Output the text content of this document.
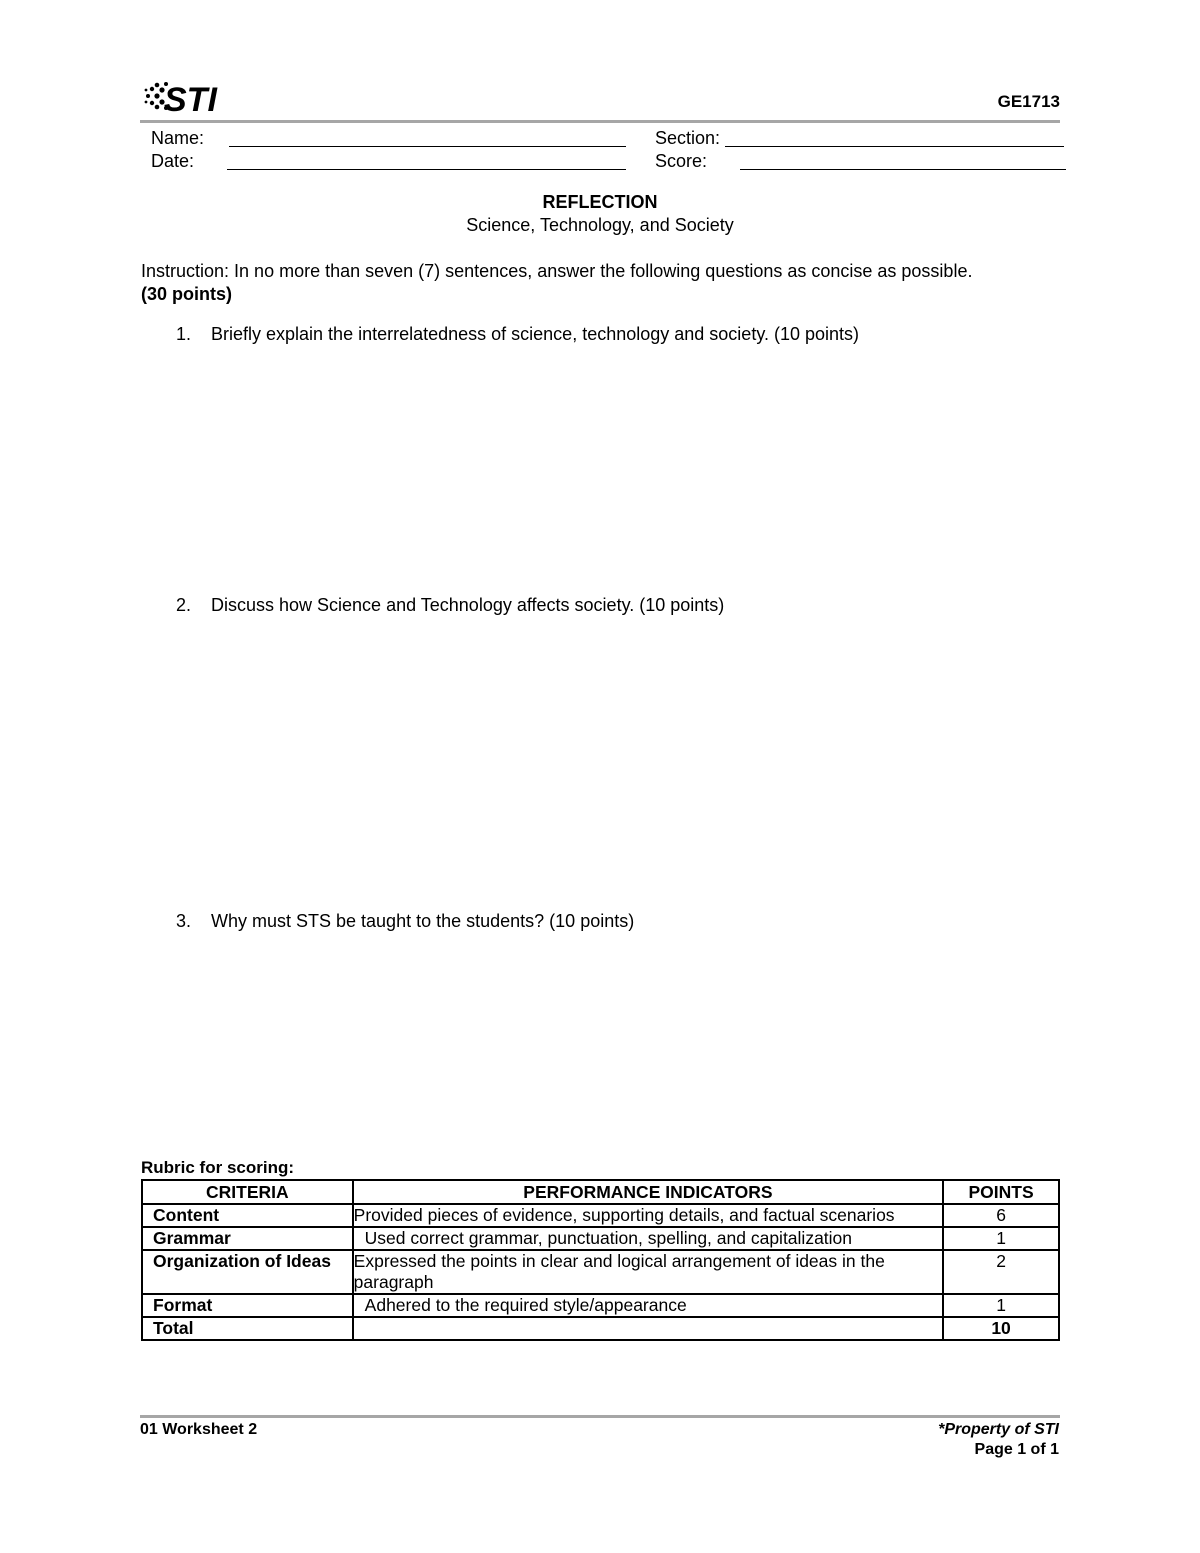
STI	GE1713
Name:
Date:
Section:
Score:
REFLECTION
Science, Technology, and Society
Instruction: In no more than seven (7) sentences, answer the following questions as concise as possible.
(30 points)
1. Briefly explain the interrelatedness of science, technology and society. (10 points)
2. Discuss how Science and Technology affects society. (10 points)
3. Why must STS be taught to the students? (10 points)
Rubric for scoring:
CRITERIA	PERFORMANCE INDICATORS	POINTS
Content	Provided pieces of evidence, supporting details, and factual scenarios	6
Grammar	Used correct grammar, punctuation, spelling, and capitalization	1
Organization of Ideas	Expressed the points in clear and logical arrangement of ideas in the paragraph	2
Format	Adhered to the required style/appearance	1
Total		10
01 Worksheet 2	*Property of STI
Page 1 of 1
